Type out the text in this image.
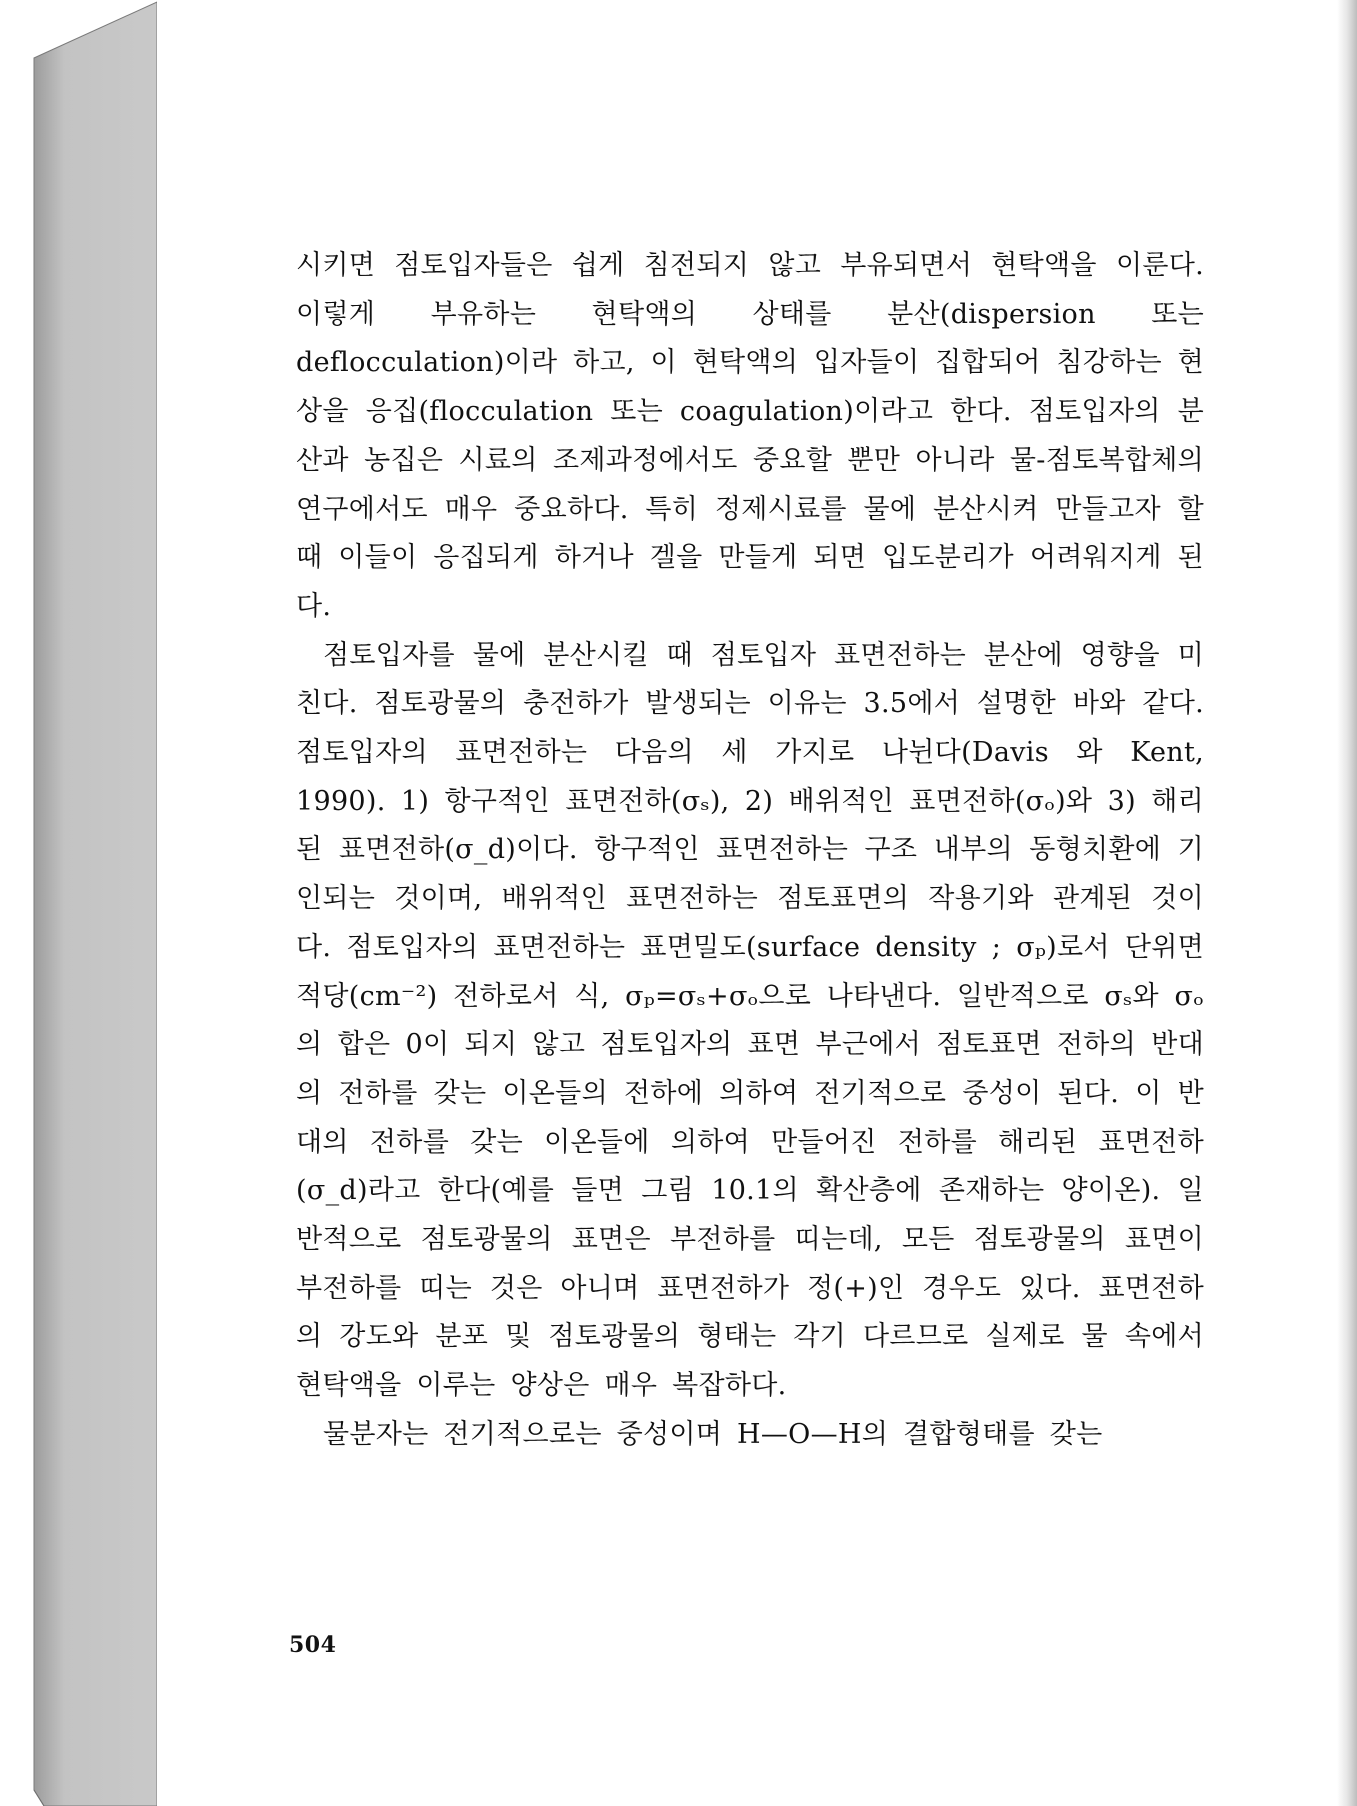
시키면 점토입자들은 쉽게 침전되지 않고 부유되면서 현탁액을 이룬다. 이렇게 부유하는 현탁액의 상태를 분산(dispersion 또는 deflocculation)이라 하고, 이 현탁액의 입자들이 집합되어 침강하는 현상을 응집(flocculation 또는 coagulation)이라고 한다. 점토입자의 분산과 농집은 시료의 조제과정에서도 중요할 뿐만 아니라 물-점토복합체의 연구에서도 매우 중요하다. 특히 정제시료를 물에 분산시켜 만들고자 할 때 이들이 응집되게 하거나 겔을 만들게 되면 입도분리가 어려워지게 된다.

점토입자를 물에 분산시킬 때 점토입자 표면전하는 분산에 영향을 미친다. 점토광물의 충전하가 발생되는 이유는 3.5에서 설명한 바와 같다. 점토입자의 표면전하는 다음의 세 가지로 나뉜다(Davis 와 Kent, 1990). 1) 항구적인 표면전하(σₛ), 2) 배위적인 표면전하(σₒ)와 3) 해리된 표면전하(σ_d)이다. 항구적인 표면전하는 구조 내부의 동형치환에 기인되는 것이며, 배위적인 표면전하는 점토표면의 작용기와 관계된 것이다. 점토입자의 표면전하는 표면밀도(surface density ; σₚ)로서 단위면적당(cm⁻²) 전하로서 식, σₚ=σₛ+σₒ으로 나타낸다. 일반적으로 σₛ와 σₒ의 합은 0이 되지 않고 점토입자의 표면 부근에서 점토표면 전하의 반대의 전하를 갖는 이온들의 전하에 의하여 전기적으로 중성이 된다. 이 반대의 전하를 갖는 이온들에 의하여 만들어진 전하를 해리된 표면전하(σ_d)라고 한다(예를 들면 그림 10.1의 확산층에 존재하는 양이온). 일반적으로 점토광물의 표면은 부전하를 띠는데, 모든 점토광물의 표면이 부전하를 띠는 것은 아니며 표면전하가 정(+)인 경우도 있다. 표면전하의 강도와 분포 및 점토광물의 형태는 각기 다르므로 실제로 물 속에서 현탁액을 이루는 양상은 매우 복잡하다.

물분자는 전기적으로는 중성이며 H—O—H의 결합형태를 갖는

504
